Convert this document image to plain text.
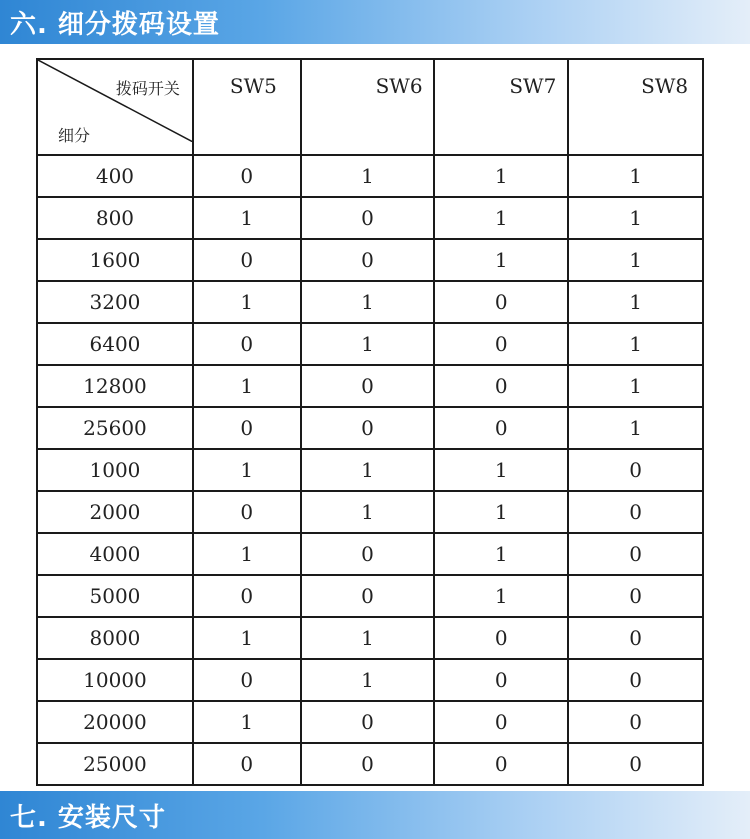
六. 细分拨码设置
拨码开关
细分	SW5	SW6	SW7	SW8
400	0	1	1	1
800	1	0	1	1
1600	0	0	1	1
3200	1	1	0	1
6400	0	1	0	1
12800	1	0	0	1
25600	0	0	0	1
1000	1	1	1	0
2000	0	1	1	0
4000	1	0	1	0
5000	0	0	1	0
8000	1	1	0	0
10000	0	1	0	0
20000	1	0	0	0
25000	0	0	0	0
七. 安装尺寸
